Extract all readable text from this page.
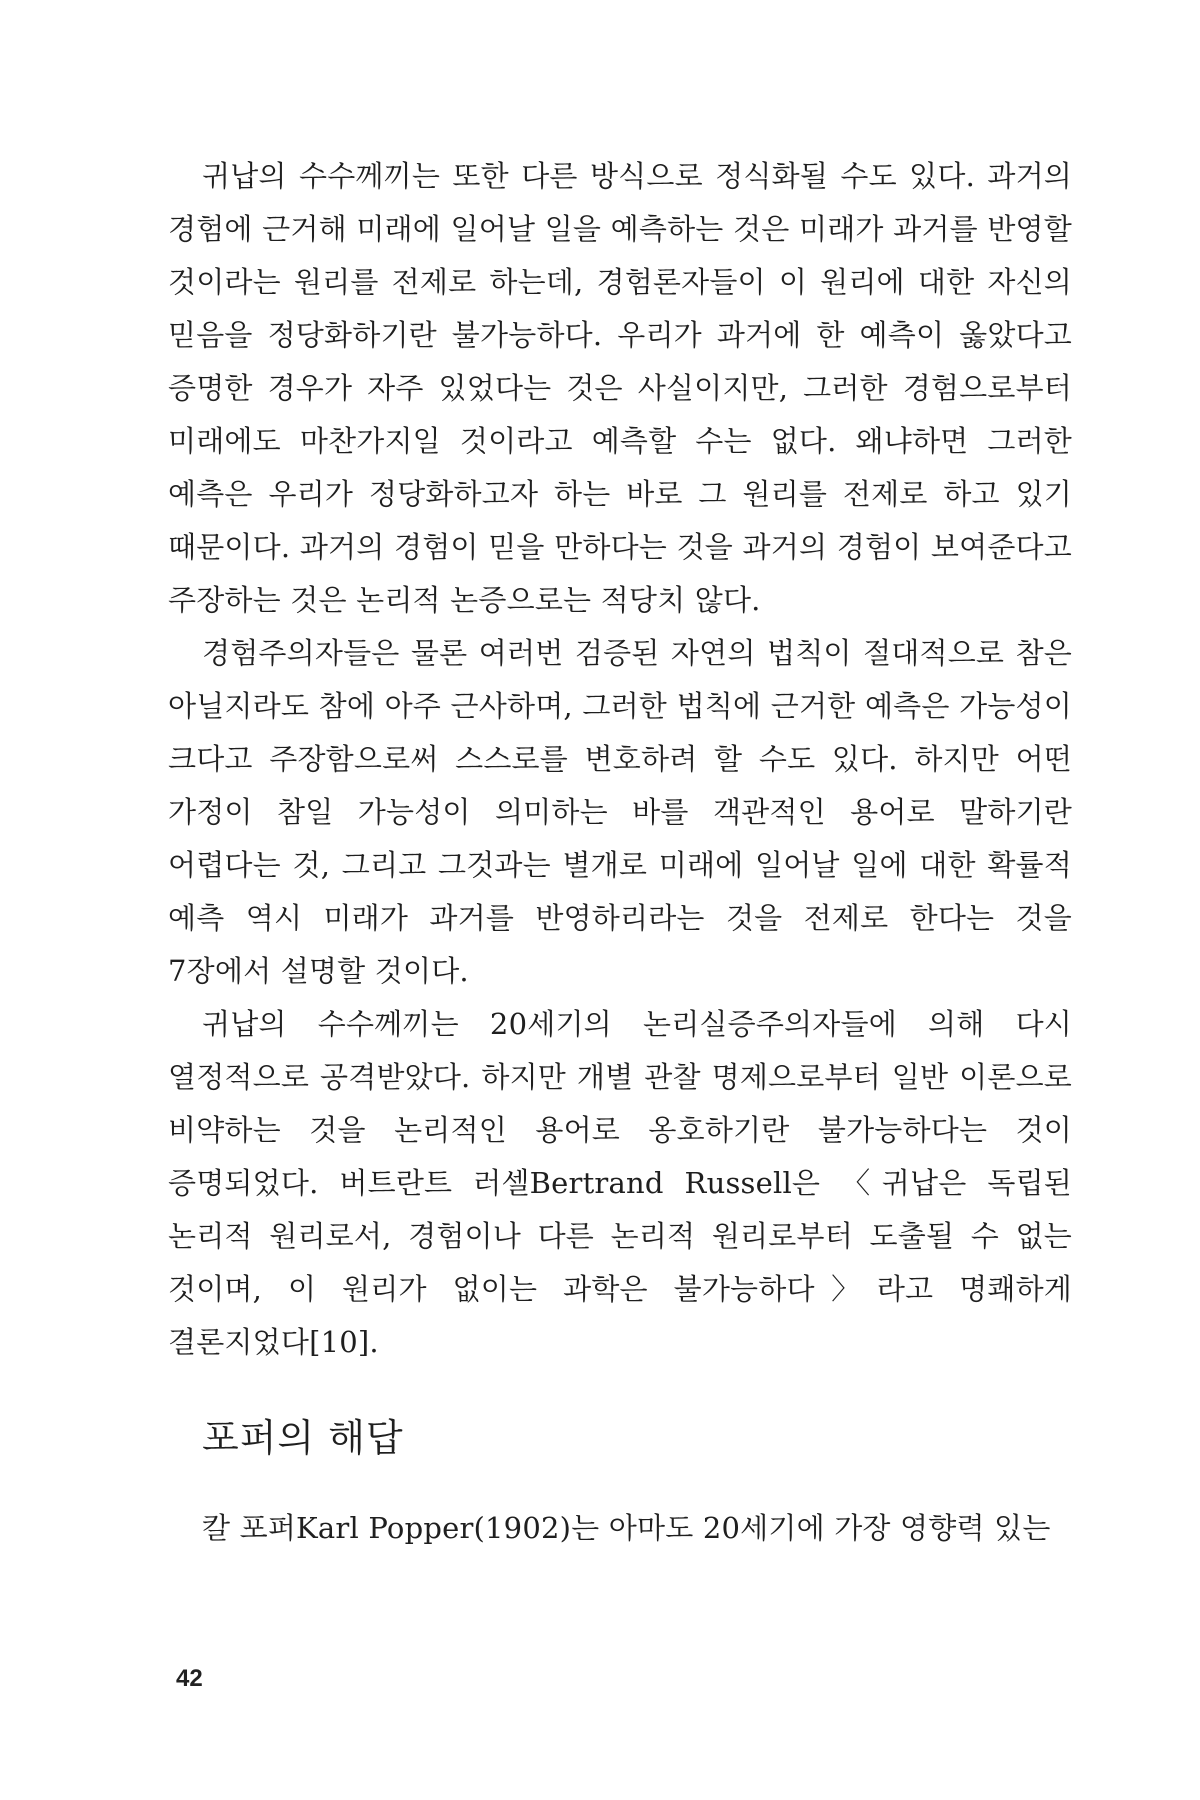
귀납의 수수께끼는 또한 다른 방식으로 정식화될 수도 있다. 과거의 경험에 근거해 미래에 일어날 일을 예측하는 것은 미래가 과거를 반영할 것이라는 원리를 전제로 하는데, 경험론자들이 이 원리에 대한 자신의 믿음을 정당화하기란 불가능하다. 우리가 과거에 한 예측이 옳았다고 증명한 경우가 자주 있었다는 것은 사실이지만, 그러한 경험으로부터 미래에도 마찬가지일 것이라고 예측할 수는 없다. 왜냐하면 그러한 예측은 우리가 정당화하고자 하는 바로 그 원리를 전제로 하고 있기 때문이다. 과거의 경험이 믿을 만하다는 것을 과거의 경험이 보여준다고 주장하는 것은 논리적 논증으로는 적당치 않다.

경험주의자들은 물론 여러번 검증된 자연의 법칙이 절대적으로 참은 아닐지라도 참에 아주 근사하며, 그러한 법칙에 근거한 예측은 가능성이 크다고 주장함으로써 스스로를 변호하려 할 수도 있다. 하지만 어떤 가정이 참일 가능성이 의미하는 바를 객관적인 용어로 말하기란 어렵다는 것, 그리고 그것과는 별개로 미래에 일어날 일에 대한 확률적 예측 역시 미래가 과거를 반영하리라는 것을 전제로 한다는 것을 7장에서 설명할 것이다.

귀납의 수수께끼는 20세기의 논리실증주의자들에 의해 다시 열정적으로 공격받았다. 하지만 개별 관찰 명제으로부터 일반 이론으로 비약하는 것을 논리적인 용어로 옹호하기란 불가능하다는 것이 증명되었다. 버트란트 러셀Bertrand Russell은 〈귀납은 독립된 논리적 원리로서, 경험이나 다른 논리적 원리로부터 도출될 수 없는 것이며, 이 원리가 없이는 과학은 불가능하다〉라고 명쾌하게 결론지었다[10].

포퍼의 해답

칼 포퍼Karl Popper(1902)는 아마도 20세기에 가장 영향력 있는

42
